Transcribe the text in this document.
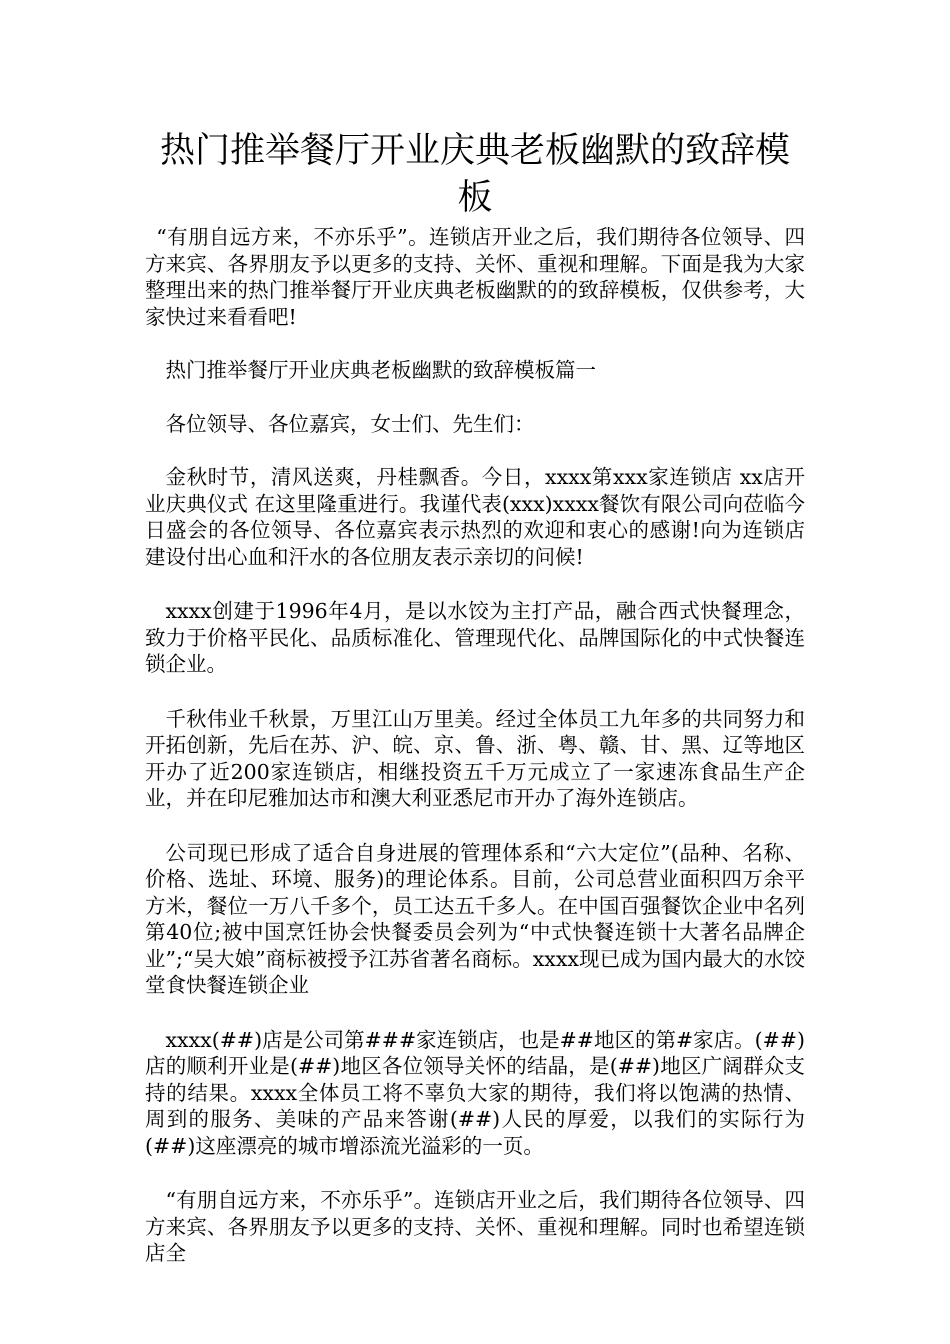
热门推举餐厅开业庆典老板幽默的致辞模板

“有朋自远方来，不亦乐乎”。连锁店开业之后，我们期待各位领导、四方来宾、各界朋友予以更多的支持、关怀、重视和理解。下面是我为大家整理出来的热门推举餐厅开业庆典老板幽默的的致辞模板，仅供参考，大家快过来看看吧!

热门推举餐厅开业庆典老板幽默的致辞模板篇一

各位领导、各位嘉宾，女士们、先生们：

金秋时节，清风送爽，丹桂飘香。今日，xxxx第xxx家连锁店 xx店开业庆典仪式 在这里隆重进行。我谨代表(xxx)xxxx餐饮有限公司向莅临今日盛会的各位领导、各位嘉宾表示热烈的欢迎和衷心的感谢!向为连锁店建设付出心血和汗水的各位朋友表示亲切的问候!

xxxx创建于1996年4月，是以水饺为主打产品，融合西式快餐理念，致力于价格平民化、品质标准化、管理现代化、品牌国际化的中式快餐连锁企业。

千秋伟业千秋景，万里江山万里美。经过全体员工九年多的共同努力和开拓创新，先后在苏、沪、皖、京、鲁、浙、粤、赣、甘、黑、辽等地区开办了近200家连锁店，相继投资五千万元成立了一家速冻食品生产企业，并在印尼雅加达市和澳大利亚悉尼市开办了海外连锁店。

公司现已形成了适合自身进展的管理体系和“六大定位”(品种、名称、价格、选址、环境、服务)的理论体系。目前，公司总营业面积四万余平方米，餐位一万八千多个，员工达五千多人。在中国百强餐饮企业中名列第40位;被中国烹饪协会快餐委员会列为“中式快餐连锁十大著名品牌企业”;“吴大娘”商标被授予江苏省著名商标。xxxx现已成为国内最大的水饺堂食快餐连锁企业

xxxx(##)店是公司第###家连锁店，也是##地区的第#家店。(##)店的顺利开业是(##)地区各位领导关怀的结晶，是(##)地区广阔群众支持的结果。xxxx全体员工将不辜负大家的期待，我们将以饱满的热情、周到的服务、美味的产品来答谢(##)人民的厚爱，以我们的实际行为(##)这座漂亮的城市增添流光溢彩的一页。

“有朋自远方来，不亦乐乎”。连锁店开业之后，我们期待各位领导、四方来宾、各界朋友予以更多的支持、关怀、重视和理解。同时也希望连锁店全
